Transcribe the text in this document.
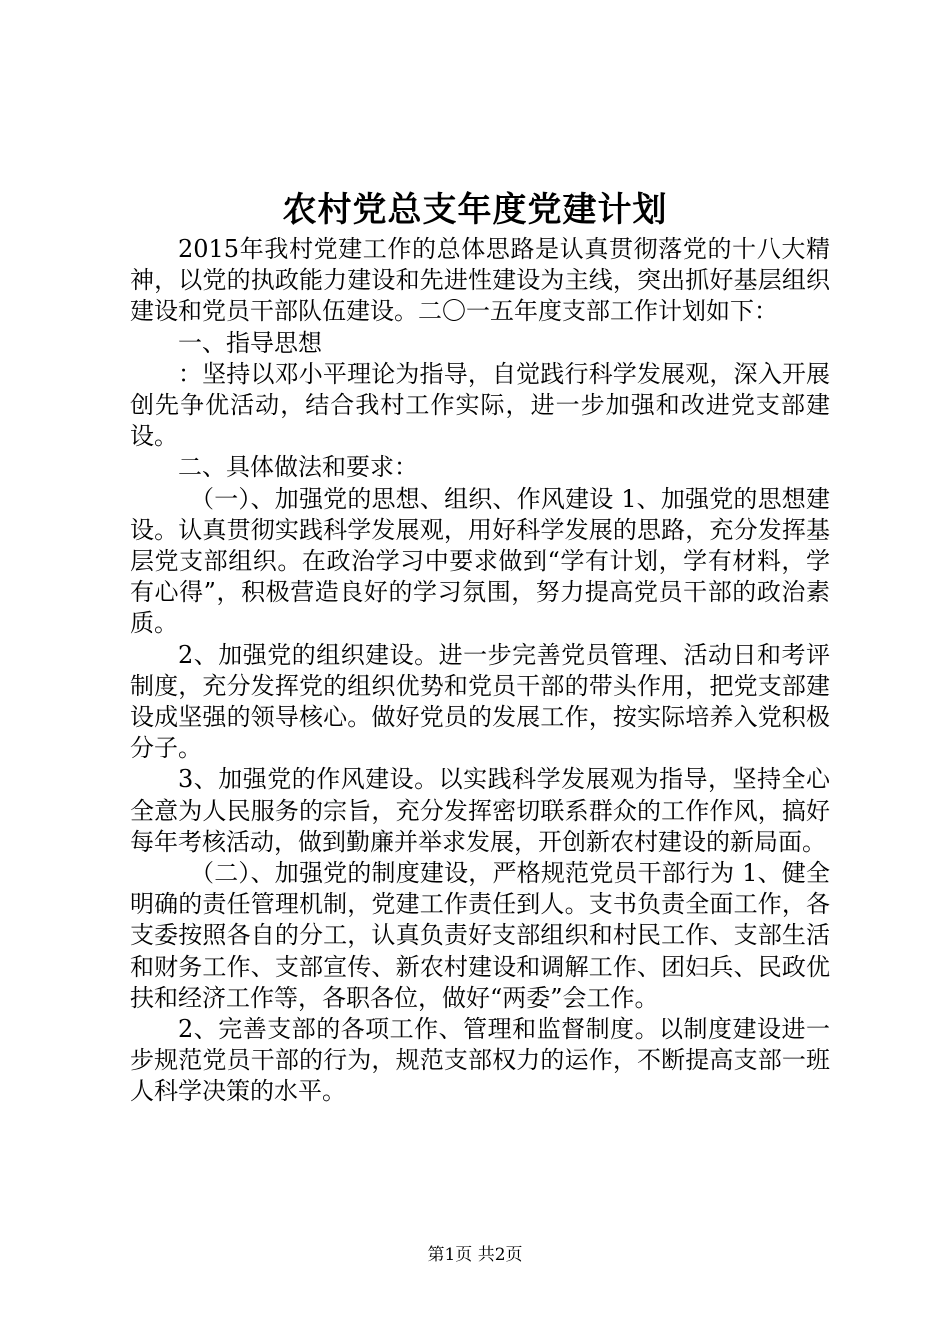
农村党总支年度党建计划

2015年我村党建工作的总体思路是认真贯彻落党的十八大精神，以党的执政能力建设和先进性建设为主线，突出抓好基层组织建设和党员干部队伍建设。二〇一五年度支部工作计划如下：

一、指导思想

：坚持以邓小平理论为指导，自觉践行科学发展观，深入开展创先争优活动，结合我村工作实际，进一步加强和改进党支部建设。

二、具体做法和要求：

（一）、加强党的思想、组织、作风建设 1、加强党的思想建设。认真贯彻实践科学发展观，用好科学发展的思路，充分发挥基层党支部组织。在政治学习中要求做到“学有计划，学有材料，学有心得”，积极营造良好的学习氛围，努力提高党员干部的政治素质。

2、加强党的组织建设。进一步完善党员管理、活动日和考评制度，充分发挥党的组织优势和党员干部的带头作用，把党支部建设成坚强的领导核心。做好党员的发展工作，按实际培养入党积极分子。

3、加强党的作风建设。以实践科学发展观为指导，坚持全心全意为人民服务的宗旨，充分发挥密切联系群众的工作作风，搞好每年考核活动，做到勤廉并举求发展，开创新农村建设的新局面。

（二）、加强党的制度建设，严格规范党员干部行为 1、健全明确的责任管理机制，党建工作责任到人。支书负责全面工作，各支委按照各自的分工，认真负责好支部组织和村民工作、支部生活和财务工作、支部宣传、新农村建设和调解工作、团妇兵、民政优扶和经济工作等，各职各位，做好“两委”会工作。

2、完善支部的各项工作、管理和监督制度。以制度建设进一步规范党员干部的行为，规范支部权力的运作，不断提高支部一班人科学决策的水平。

第1页 共2页
